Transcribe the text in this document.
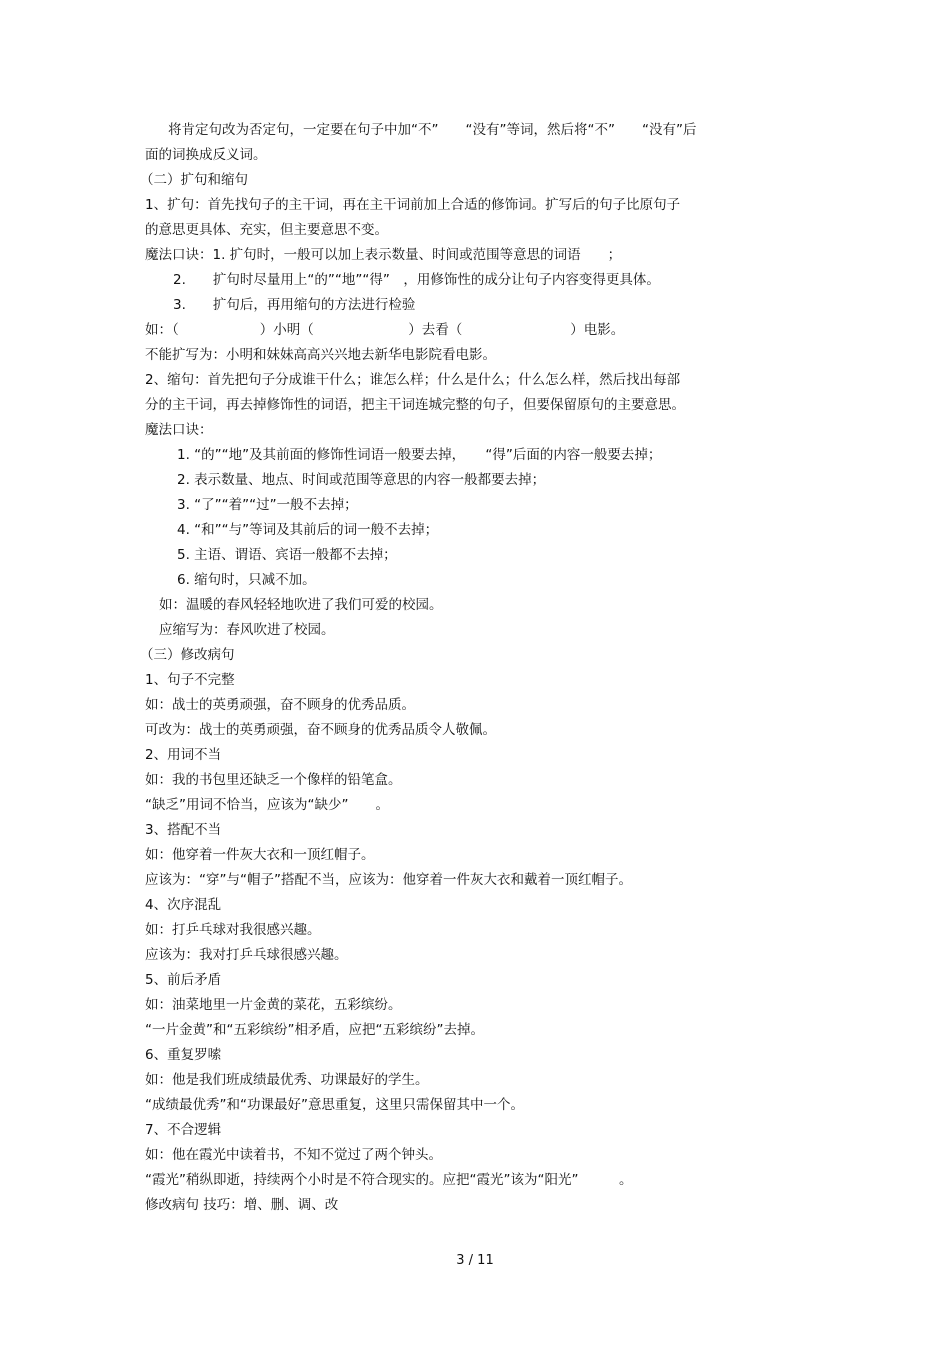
将肯定句改为否定句，一定要在句子中加“不”　　“没有”等词，然后将“不”　　“没有”后

面的词换成反义词。

（二）扩句和缩句

1、扩句：首先找句子的主干词，再在主干词前加上合适的修饰词。扩写后的句子比原句子

的意思更具体、充实，但主要意思不变。

魔法口诀：1. 扩句时，一般可以加上表示数量、时间或范围等意思的词语　　；

2.　　扩句时尽量用上“的”“地”“得”　，用修饰性的成分让句子内容变得更具体。

3.　　扩句后，再用缩句的方法进行检验

如：（　　　　　　）小明（　　　　　　　）去看（　　　　　　　　）电影。

不能扩写为：小明和妹妹高高兴兴地去新华电影院看电影。

2、缩句：首先把句子分成谁干什么；谁怎么样；什么是什么；什么怎么样，然后找出每部

分的主干词，再去掉修饰性的词语，把主干词连城完整的句子，但要保留原句的主要意思。

魔法口诀：

1. “的”“地”及其前面的修饰性词语一般要去掉，　　“得”后面的内容一般要去掉；

2. 表示数量、地点、时间或范围等意思的内容一般都要去掉；

3. “了”“着”“过”一般不去掉；

4. “和”“与”等词及其前后的词一般不去掉；

5. 主语、谓语、宾语一般都不去掉；

6. 缩句时，只减不加。

如：温暖的春风轻轻地吹进了我们可爱的校园。

应缩写为：春风吹进了校园。

（三）修改病句

1、句子不完整

如：战士的英勇顽强，奋不顾身的优秀品质。

可改为：战士的英勇顽强，奋不顾身的优秀品质令人敬佩。

2、用词不当

如：我的书包里还缺乏一个像样的铅笔盒。

“缺乏”用词不恰当，应该为“缺少”　　。

3、搭配不当

如：他穿着一件灰大衣和一顶红帽子。

应该为：“穿”与“帽子”搭配不当，应该为：他穿着一件灰大衣和戴着一顶红帽子。

4、次序混乱

如：打乒乓球对我很感兴趣。

应该为：我对打乒乓球很感兴趣。

5、前后矛盾

如：油菜地里一片金黄的菜花，五彩缤纷。

“一片金黄”和“五彩缤纷”相矛盾，应把“五彩缤纷”去掉。

6、重复罗嗦

如：他是我们班成绩最优秀、功课最好的学生。

“成绩最优秀”和“功课最好”意思重复，这里只需保留其中一个。

7、不合逻辑

如：他在霞光中读着书，不知不觉过了两个钟头。

“霞光”稍纵即逝，持续两个小时是不符合现实的。应把“霞光”该为“阳光”　　　。

修改病句 技巧：增、删、调、改

3 / 11
